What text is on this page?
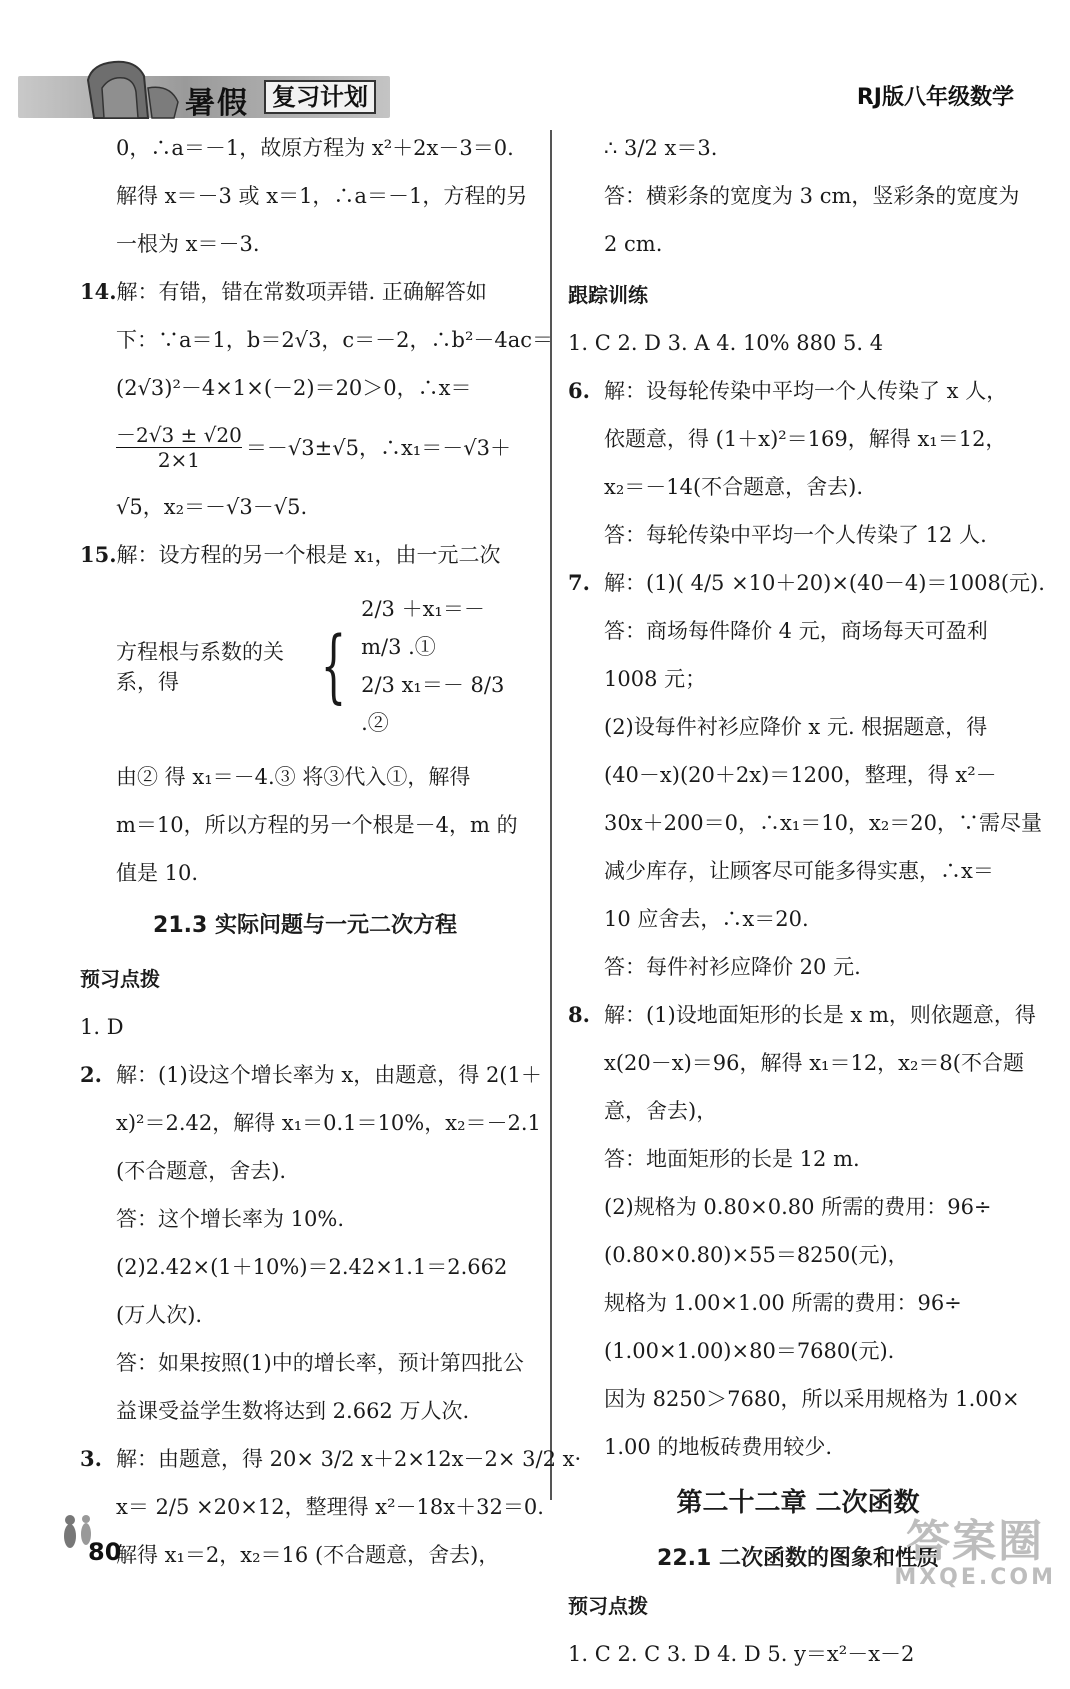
暑假 复习计划	RJ版八年级数学
0，∴a＝－1，故原方程为 x²＋2x－3＝0.
解得 x＝－3 或 x＝1，∴a＝－1，方程的另
一根为 x＝－3.
14.解：有错，错在常数项弄错. 正确解答如
下：∵a＝1，b＝2√3，c＝－2，∴b²－4ac＝
(2√3)²－4×1×(－2)＝20＞0，∴x＝
$\frac{-2√3 \pm √20}{2\times 1} =-√3\pm√5$，∴x₁＝－√3＋
√5，x₂＝－√3－√5.
15.解：设方程的另一个根是 x₁，由一元二次
方程根与系数的关系，得	{
2/3 ＋x₁＝－ m/3 .①
2/3 x₁＝－ 8/3 .②
由② 得 x₁＝－4.③ 将③代入①，解得
m＝10，所以方程的另一个根是－4，m 的
值是 10.
21.3 实际问题与一元二次方程
预习点拨
1. D
2. 解：(1)设这个增长率为 x，由题意，得 2(1＋
x)²＝2.42，解得 x₁＝0.1＝10%，x₂＝－2.1
(不合题意，舍去).
答：这个增长率为 10%.
(2)2.42×(1＋10%)＝2.42×1.1＝2.662
(万人次).
答：如果按照(1)中的增长率，预计第四批公
益课受益学生数将达到 2.662 万人次.
3. 解：由题意，得 20× 3/2 x＋2×12x－2× 3/2 x·
x＝ 2/5 ×20×12，整理得 x²－18x＋32＝0.
解得 x₁＝2，x₂＝16 (不合题意，舍去)，
∴ 3/2 x＝3.
答：横彩条的宽度为 3 cm，竖彩条的宽度为
2 cm.
跟踪训练
1. C 2. D 3. A 4. 10% 880 5. 4
6. 解：设每轮传染中平均一个人传染了 x 人，
依题意，得 (1＋x)²＝169，解得 x₁＝12，
x₂＝－14(不合题意，舍去).
答：每轮传染中平均一个人传染了 12 人.
7. 解：(1)( 4/5 ×10＋20)×(40－4)＝1008(元).
答：商场每件降价 4 元，商场每天可盈利
1008 元；
(2)设每件衬衫应降价 x 元. 根据题意，得
(40－x)(20＋2x)＝1200，整理，得 x²－
30x＋200＝0，∴x₁＝10，x₂＝20，∵需尽量
减少库存，让顾客尽可能多得实惠，∴x＝
10 应舍去，∴x＝20.
答：每件衬衫应降价 20 元.
8. 解：(1)设地面矩形的长是 x m，则依题意，得
x(20－x)＝96，解得 x₁＝12，x₂＝8(不合题
意，舍去)，
答：地面矩形的长是 12 m.
(2)规格为 0.80×0.80 所需的费用：96÷
(0.80×0.80)×55＝8250(元)，
规格为 1.00×1.00 所需的费用：96÷
(1.00×1.00)×80＝7680(元).
因为 8250＞7680，所以采用规格为 1.00×
1.00 的地板砖费用较少.
第二十二章 二次函数
22.1 二次函数的图象和性质
预习点拨
1. C 2. C 3. D 4. D 5. y＝x²－x－2
80	答案圈
MXQE.COM
